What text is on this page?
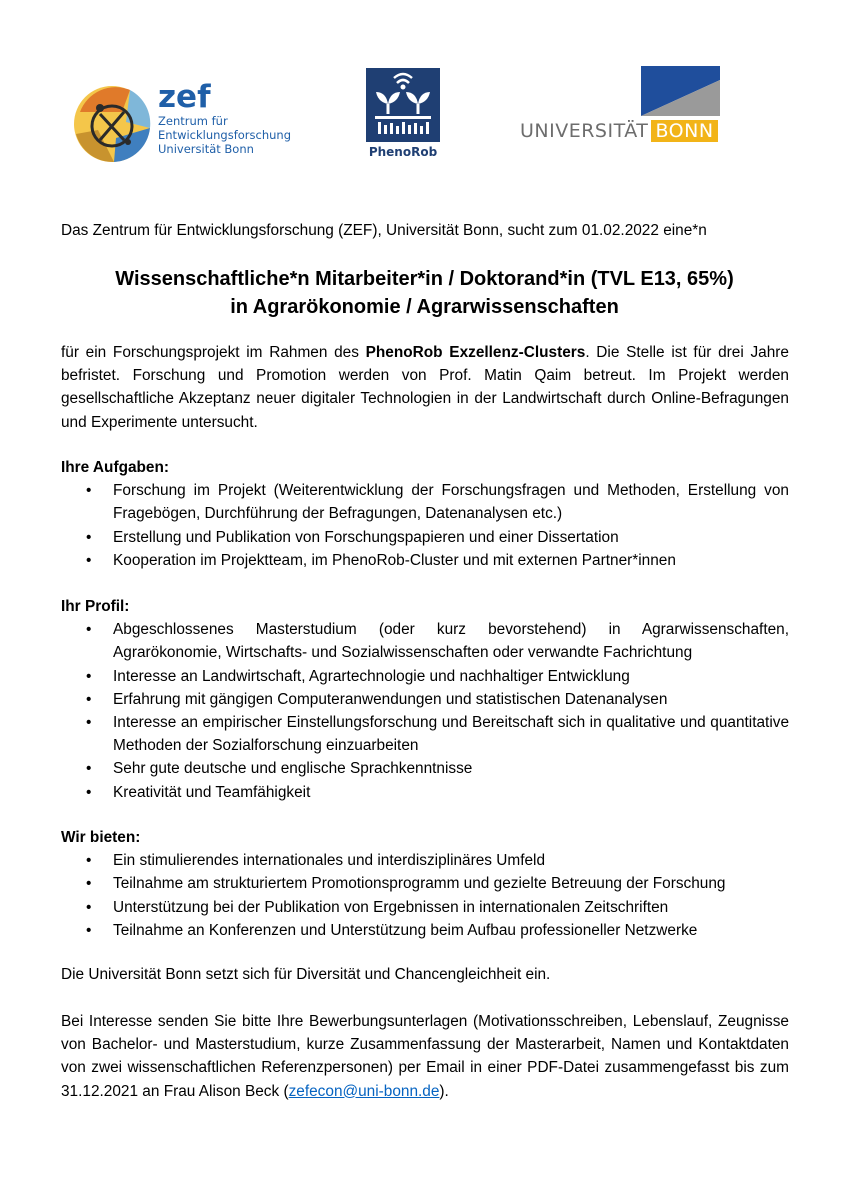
zef
Zentrum für
Entwicklungsforschung
Universität Bonn	PhenoRob
UNIVERSITÄT BONN
Das Zentrum für Entwicklungsforschung (ZEF), Universität Bonn, sucht zum 01.02.2022 eine*n
Wissenschaftliche*n Mitarbeiter*in / Doktorand*in (TVL E13, 65%)
in Agrarökonomie / Agrarwissenschaften
für ein Forschungsprojekt im Rahmen des PhenoRob Exzellenz-Clusters. Die Stelle ist für drei Jahre befristet. Forschung und Promotion werden von Prof. Matin Qaim betreut. Im Projekt werden gesellschaftliche Akzeptanz neuer digitaler Technologien in der Landwirtschaft durch Online-Befragungen und Experimente untersucht.
Ihre Aufgaben:
• Forschung im Projekt (Weiterentwicklung der Forschungsfragen und Methoden, Erstellung von Fragebögen, Durchführung der Befragungen, Datenanalysen etc.)
• Erstellung und Publikation von Forschungspapieren und einer Dissertation
• Kooperation im Projektteam, im PhenoRob-Cluster und mit externen Partner*innen
Ihr Profil:
• Abgeschlossenes Masterstudium (oder kurz bevorstehend) in Agrarwissenschaften, Agrarökonomie, Wirtschafts- und Sozialwissenschaften oder verwandte Fachrichtung
• Interesse an Landwirtschaft, Agrartechnologie und nachhaltiger Entwicklung
• Erfahrung mit gängigen Computeranwendungen und statistischen Datenanalysen
• Interesse an empirischer Einstellungsforschung und Bereitschaft sich in qualitative und quantitative Methoden der Sozialforschung einzuarbeiten
• Sehr gute deutsche und englische Sprachkenntnisse
• Kreativität und Teamfähigkeit
Wir bieten:
• Ein stimulierendes internationales und interdisziplinäres Umfeld
• Teilnahme am strukturiertem Promotionsprogramm und gezielte Betreuung der Forschung
• Unterstützung bei der Publikation von Ergebnissen in internationalen Zeitschriften
• Teilnahme an Konferenzen und Unterstützung beim Aufbau professioneller Netzwerke
Die Universität Bonn setzt sich für Diversität und Chancengleichheit ein.
Bei Interesse senden Sie bitte Ihre Bewerbungsunterlagen (Motivationsschreiben, Lebenslauf, Zeugnisse von Bachelor- und Masterstudium, kurze Zusammenfassung der Masterarbeit, Namen und Kontaktdaten von zwei wissenschaftlichen Referenzpersonen) per Email in einer PDF-Datei zusammengefasst bis zum 31.12.2021 an Frau Alison Beck (zefecon@uni-bonn.de).
